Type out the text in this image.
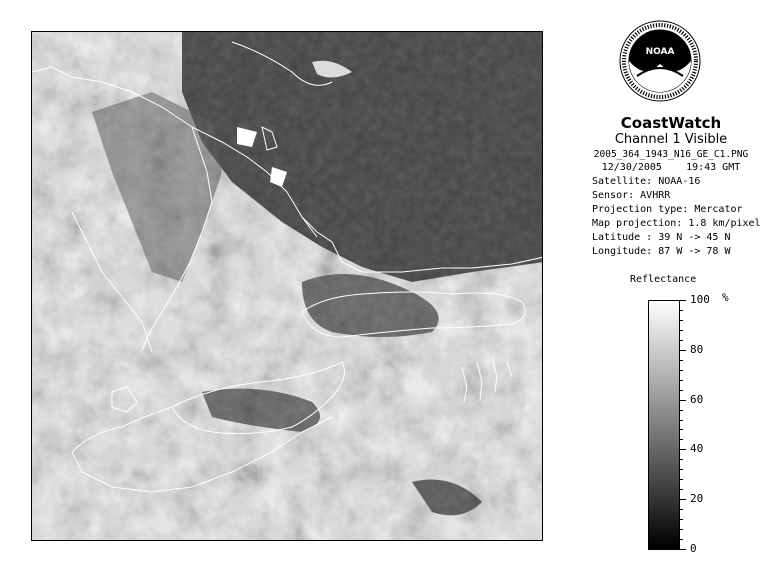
NOAA
CoastWatch
Channel 1 Visible
2005_364_1943_N16_GE_C1.PNG
12/30/2005 19:43 GMT
Satellite: NOAA-16
Sensor: AVHRR
Projection type: Mercator
Map projection: 1.8 km/pixel
Latitude : 39 N -> 45 N
Longitude: 87 W -> 78 W
Reflectance
%
100
80
60
40
20
0
